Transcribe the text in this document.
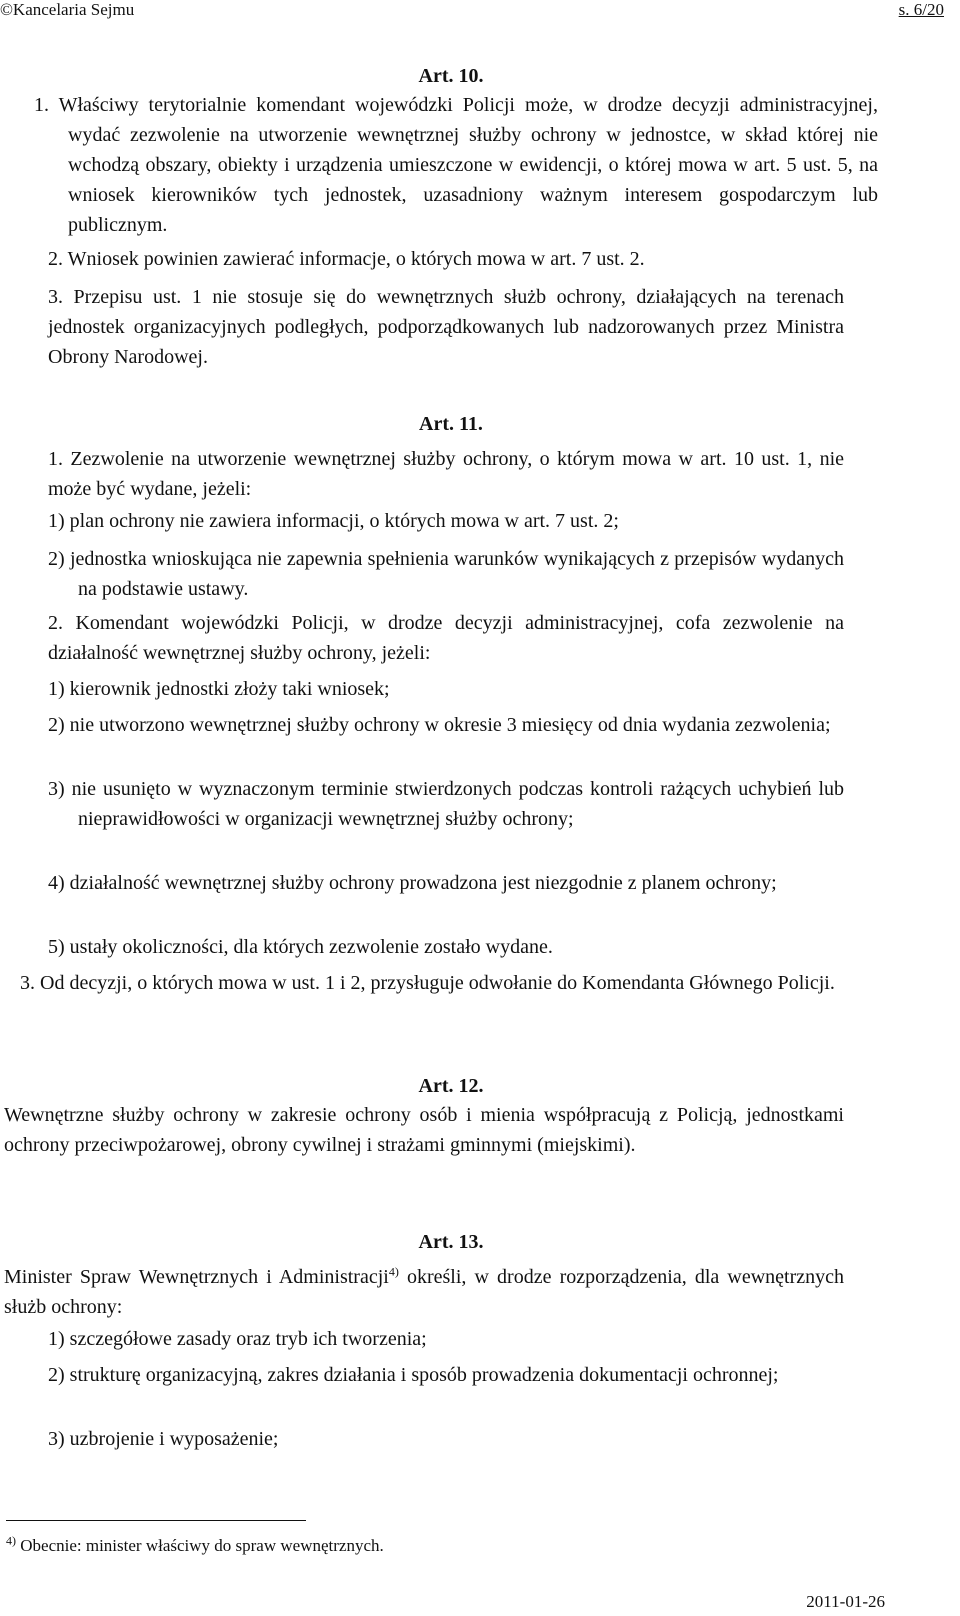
©Kancelaria Sejmu	s. 6/20
Art. 10.
1. Właściwy terytorialnie komendant wojewódzki Policji może, w drodze decyzji administracyjnej, wydać zezwolenie na utworzenie wewnętrznej służby ochrony w jednostce, w skład której nie wchodzą obszary, obiekty i urządzenia umieszczone w ewidencji, o której mowa w art. 5 ust. 5, na wniosek kierowników tych jednostek, uzasadniony ważnym interesem gospodarczym lub publicznym.
2. Wniosek powinien zawierać informacje, o których mowa w art. 7 ust. 2.
3. Przepisu ust. 1 nie stosuje się do wewnętrznych służb ochrony, działających na terenach jednostek organizacyjnych podległych, podporządkowanych lub nadzorowanych przez Ministra Obrony Narodowej.
Art. 11.
1. Zezwolenie na utworzenie wewnętrznej służby ochrony, o którym mowa w art. 10 ust. 1, nie może być wydane, jeżeli:
1) plan ochrony nie zawiera informacji, o których mowa w art. 7 ust. 2;
2) jednostka wnioskująca nie zapewnia spełnienia warunków wynikających z przepisów wydanych na podstawie ustawy.
2. Komendant wojewódzki Policji, w drodze decyzji administracyjnej, cofa zezwolenie na działalność wewnętrznej służby ochrony, jeżeli:
1) kierownik jednostki złoży taki wniosek;
2) nie utworzono wewnętrznej służby ochrony w okresie 3 miesięcy od dnia wydania zezwolenia;
3) nie usunięto w wyznaczonym terminie stwierdzonych podczas kontroli rażących uchybień lub nieprawidłowości w organizacji wewnętrznej służby ochrony;
4) działalność wewnętrznej służby ochrony prowadzona jest niezgodnie z planem ochrony;
5) ustały okoliczności, dla których zezwolenie zostało wydane.
3. Od decyzji, o których mowa w ust. 1 i 2, przysługuje odwołanie do Komendanta Głównego Policji.
Art. 12.
Wewnętrzne służby ochrony w zakresie ochrony osób i mienia współpracują z Policją, jednostkami ochrony przeciwpożarowej, obrony cywilnej i strażami gminnymi (miejskimi).
Art. 13.
Minister Spraw Wewnętrznych i Administracji$^{4)}$ określi, w drodze rozporządzenia, dla wewnętrznych służb ochrony:
1) szczegółowe zasady oraz tryb ich tworzenia;
2) strukturę organizacyjną, zakres działania i sposób prowadzenia dokumentacji ochronnej;
3) uzbrojenie i wyposażenie;
$^{4)}$ Obecnie: minister właściwy do spraw wewnętrznych.
2011-01-26
